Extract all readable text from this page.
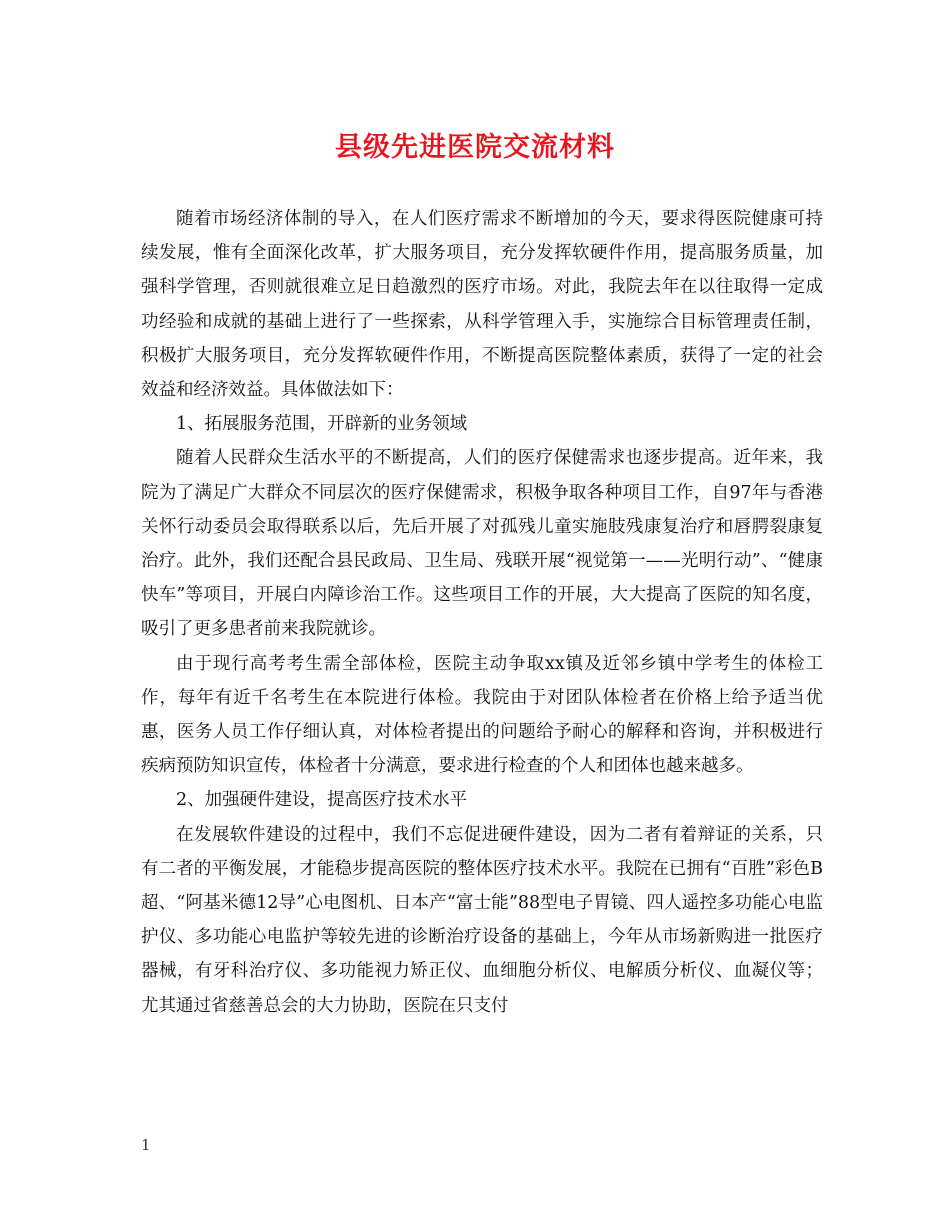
县级先进医院交流材料

随着市场经济体制的导入，在人们医疗需求不断增加的今天，要求得医院健康可持续发展，惟有全面深化改革，扩大服务项目，充分发挥软硬件作用，提高服务质量，加强科学管理，否则就很难立足日趋激烈的医疗市场。对此，我院去年在以往取得一定成功经验和成就的基础上进行了一些探索，从科学管理入手，实施综合目标管理责任制，积极扩大服务项目，充分发挥软硬件作用，不断提高医院整体素质，获得了一定的社会效益和经济效益。具体做法如下：

1、拓展服务范围，开辟新的业务领域

随着人民群众生活水平的不断提高，人们的医疗保健需求也逐步提高。近年来，我院为了满足广大群众不同层次的医疗保健需求，积极争取各种项目工作，自97年与香港关怀行动委员会取得联系以后，先后开展了对孤残儿童实施肢残康复治疗和唇腭裂康复治疗。此外，我们还配合县民政局、卫生局、残联开展“视觉第一——光明行动”、“健康快车”等项目，开展白内障诊治工作。这些项目工作的开展，大大提高了医院的知名度，吸引了更多患者前来我院就诊。

由于现行高考考生需全部体检，医院主动争取xx镇及近邻乡镇中学考生的体检工作，每年有近千名考生在本院进行体检。我院由于对团队体检者在价格上给予适当优惠，医务人员工作仔细认真，对体检者提出的问题给予耐心的解释和咨询，并积极进行疾病预防知识宣传，体检者十分满意，要求进行检查的个人和团体也越来越多。

2、加强硬件建设，提高医疗技术水平

在发展软件建设的过程中，我们不忘促进硬件建设，因为二者有着辩证的关系，只有二者的平衡发展，才能稳步提高医院的整体医疗技术水平。我院在已拥有“百胜”彩色B超、“阿基米德12导”心电图机、日本产“富士能”88型电子胃镜、四人遥控多功能心电监护仪、多功能心电监护等较先进的诊断治疗设备的基础上，今年从市场新购进一批医疗器械，有牙科治疗仪、多功能视力矫正仪、血细胞分析仪、电解质分析仪、血凝仪等；尤其通过省慈善总会的大力协助，医院在只支付

1
